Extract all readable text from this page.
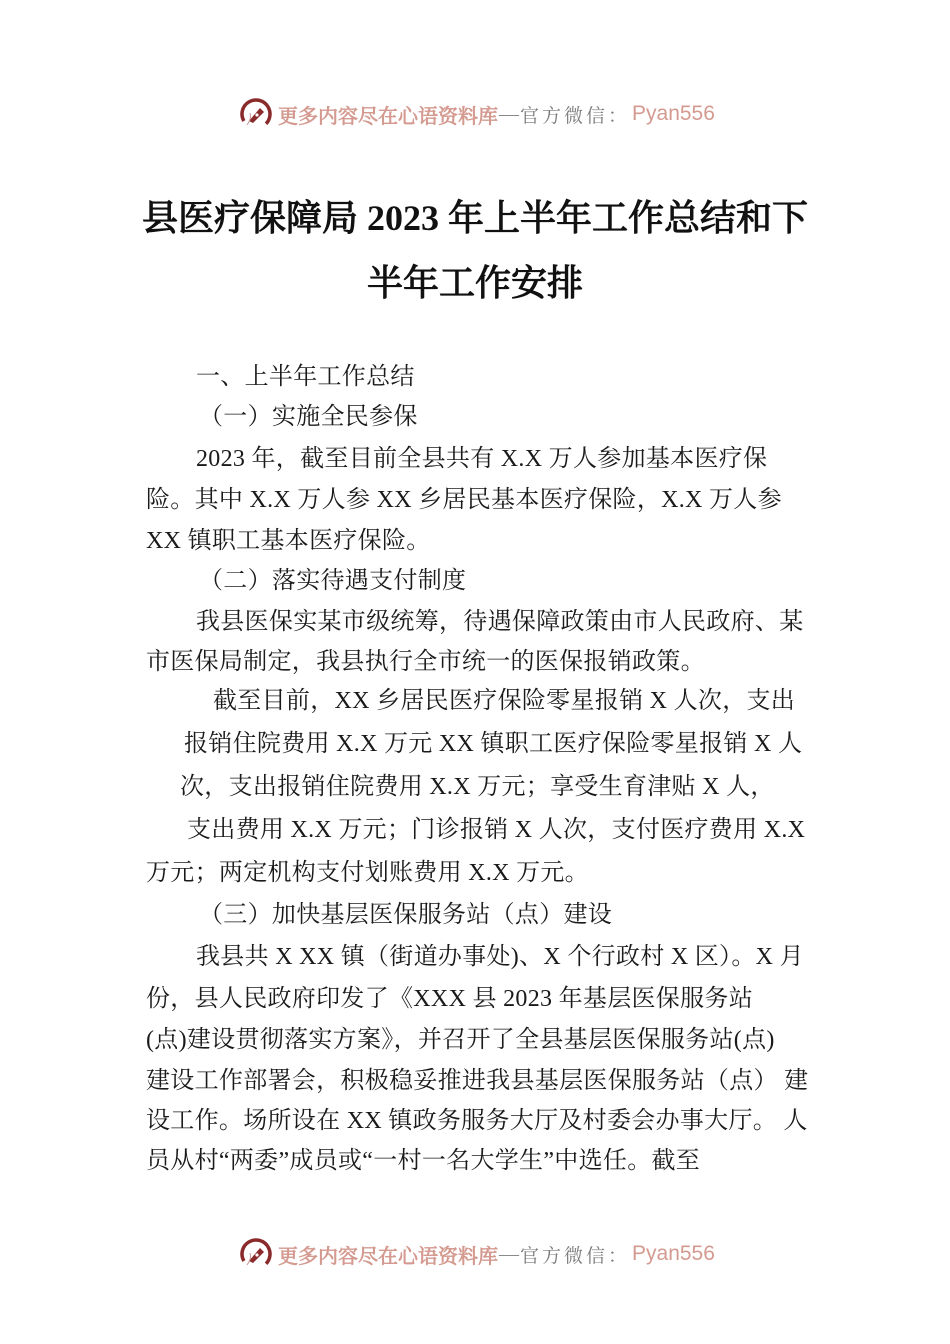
更多内容尽在心语资料库 — 官方微信： Pyan556
县医疗保障局 2023 年上半年工作总结和下
半年工作安排
一、上半年工作总结
（一）实施全民参保
2023 年，截至目前全县共有 X.X 万人参加基本医疗保
险。其中 X.X 万人参 XX 乡居民基本医疗保险，X.X 万人参
XX 镇职工基本医疗保险。
（二）落实待遇支付制度
我县医保实某市级统筹，待遇保障政策由市人民政府、某
市医保局制定，我县执行全市统一的医保报销政策。
截至目前，XX 乡居民医疗保险零星报销 X 人次，支出
报销住院费用 X.X 万元 XX 镇职工医疗保险零星报销 X 人
次，支出报销住院费用 X.X 万元；享受生育津贴 X 人，
支出费用 X.X 万元；门诊报销 X 人次，支付医疗费用 X.X
万元；两定机构支付划账费用 X.X 万元。
（三）加快基层医保服务站（点）建设
我县共 X XX 镇（街道办事处)、X 个行政村 X 区）。X 月
份，县人民政府印发了《XXX 县 2023 年基层医保服务站
(点)建设贯彻落实方案》，并召开了全县基层医保服务站(点)
建设工作部署会，积极稳妥推进我县基层医保服务站（点） 建
设工作。场所设在 XX 镇政务服务大厅及村委会办事大厅。 人
员从村“两委”成员或“一村一名大学生”中选任。截至
更多内容尽在心语资料库 — 官方微信： Pyan556
